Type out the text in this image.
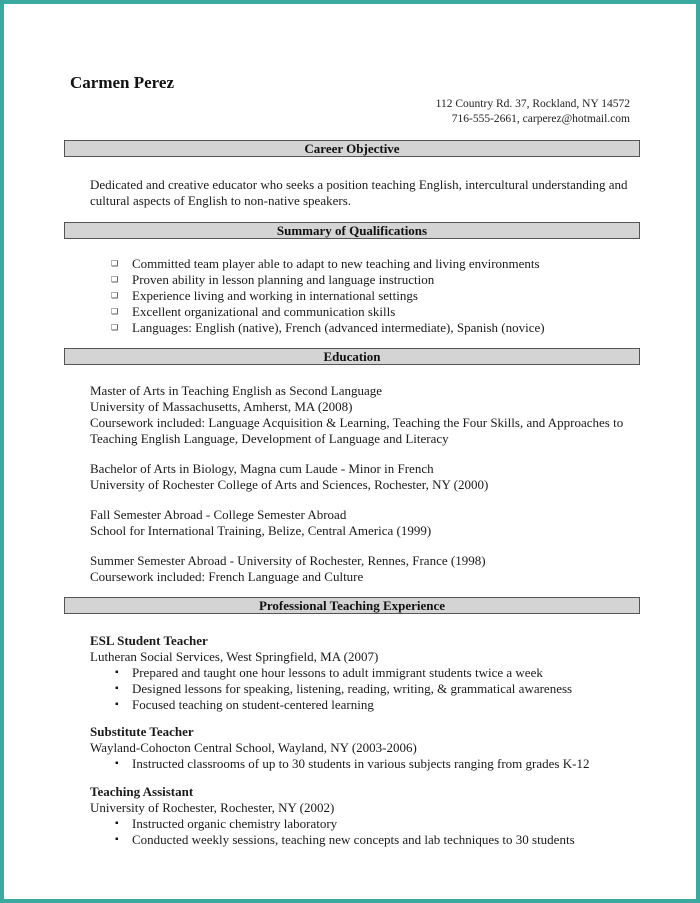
Carmen Perez
112 Country Rd. 37, Rockland, NY 14572
716-555-2661, carperez@hotmail.com
Career Objective
Dedicated and creative educator who seeks a position teaching English, intercultural understanding and
cultural aspects of English to non-native speakers.
Summary of Qualifications
❑ Committed team player able to adapt to new teaching and living environments
❑ Proven ability in lesson planning and language instruction
❑ Experience living and working in international settings
❑ Excellent organizational and communication skills
❑ Languages: English (native), French (advanced intermediate), Spanish (novice)
Education
Master of Arts in Teaching English as Second Language
University of Massachusetts, Amherst, MA (2008)
Coursework included: Language Acquisition & Learning, Teaching the Four Skills, and Approaches to
Teaching English Language, Development of Language and Literacy
Bachelor of Arts in Biology, Magna cum Laude - Minor in French
University of Rochester College of Arts and Sciences, Rochester, NY (2000)
Fall Semester Abroad - College Semester Abroad
School for International Training, Belize, Central America (1999)
Summer Semester Abroad - University of Rochester, Rennes, France (1998)
Coursework included: French Language and Culture
Professional Teaching Experience
ESL Student Teacher
Lutheran Social Services, West Springfield, MA (2007)
▪ Prepared and taught one hour lessons to adult immigrant students twice a week
▪ Designed lessons for speaking, listening, reading, writing, & grammatical awareness
▪ Focused teaching on student-centered learning
Substitute Teacher
Wayland-Cohocton Central School, Wayland, NY (2003-2006)
▪ Instructed classrooms of up to 30 students in various subjects ranging from grades K-12
Teaching Assistant
University of Rochester, Rochester, NY (2002)
▪ Instructed organic chemistry laboratory
▪ Conducted weekly sessions, teaching new concepts and lab techniques to 30 students
